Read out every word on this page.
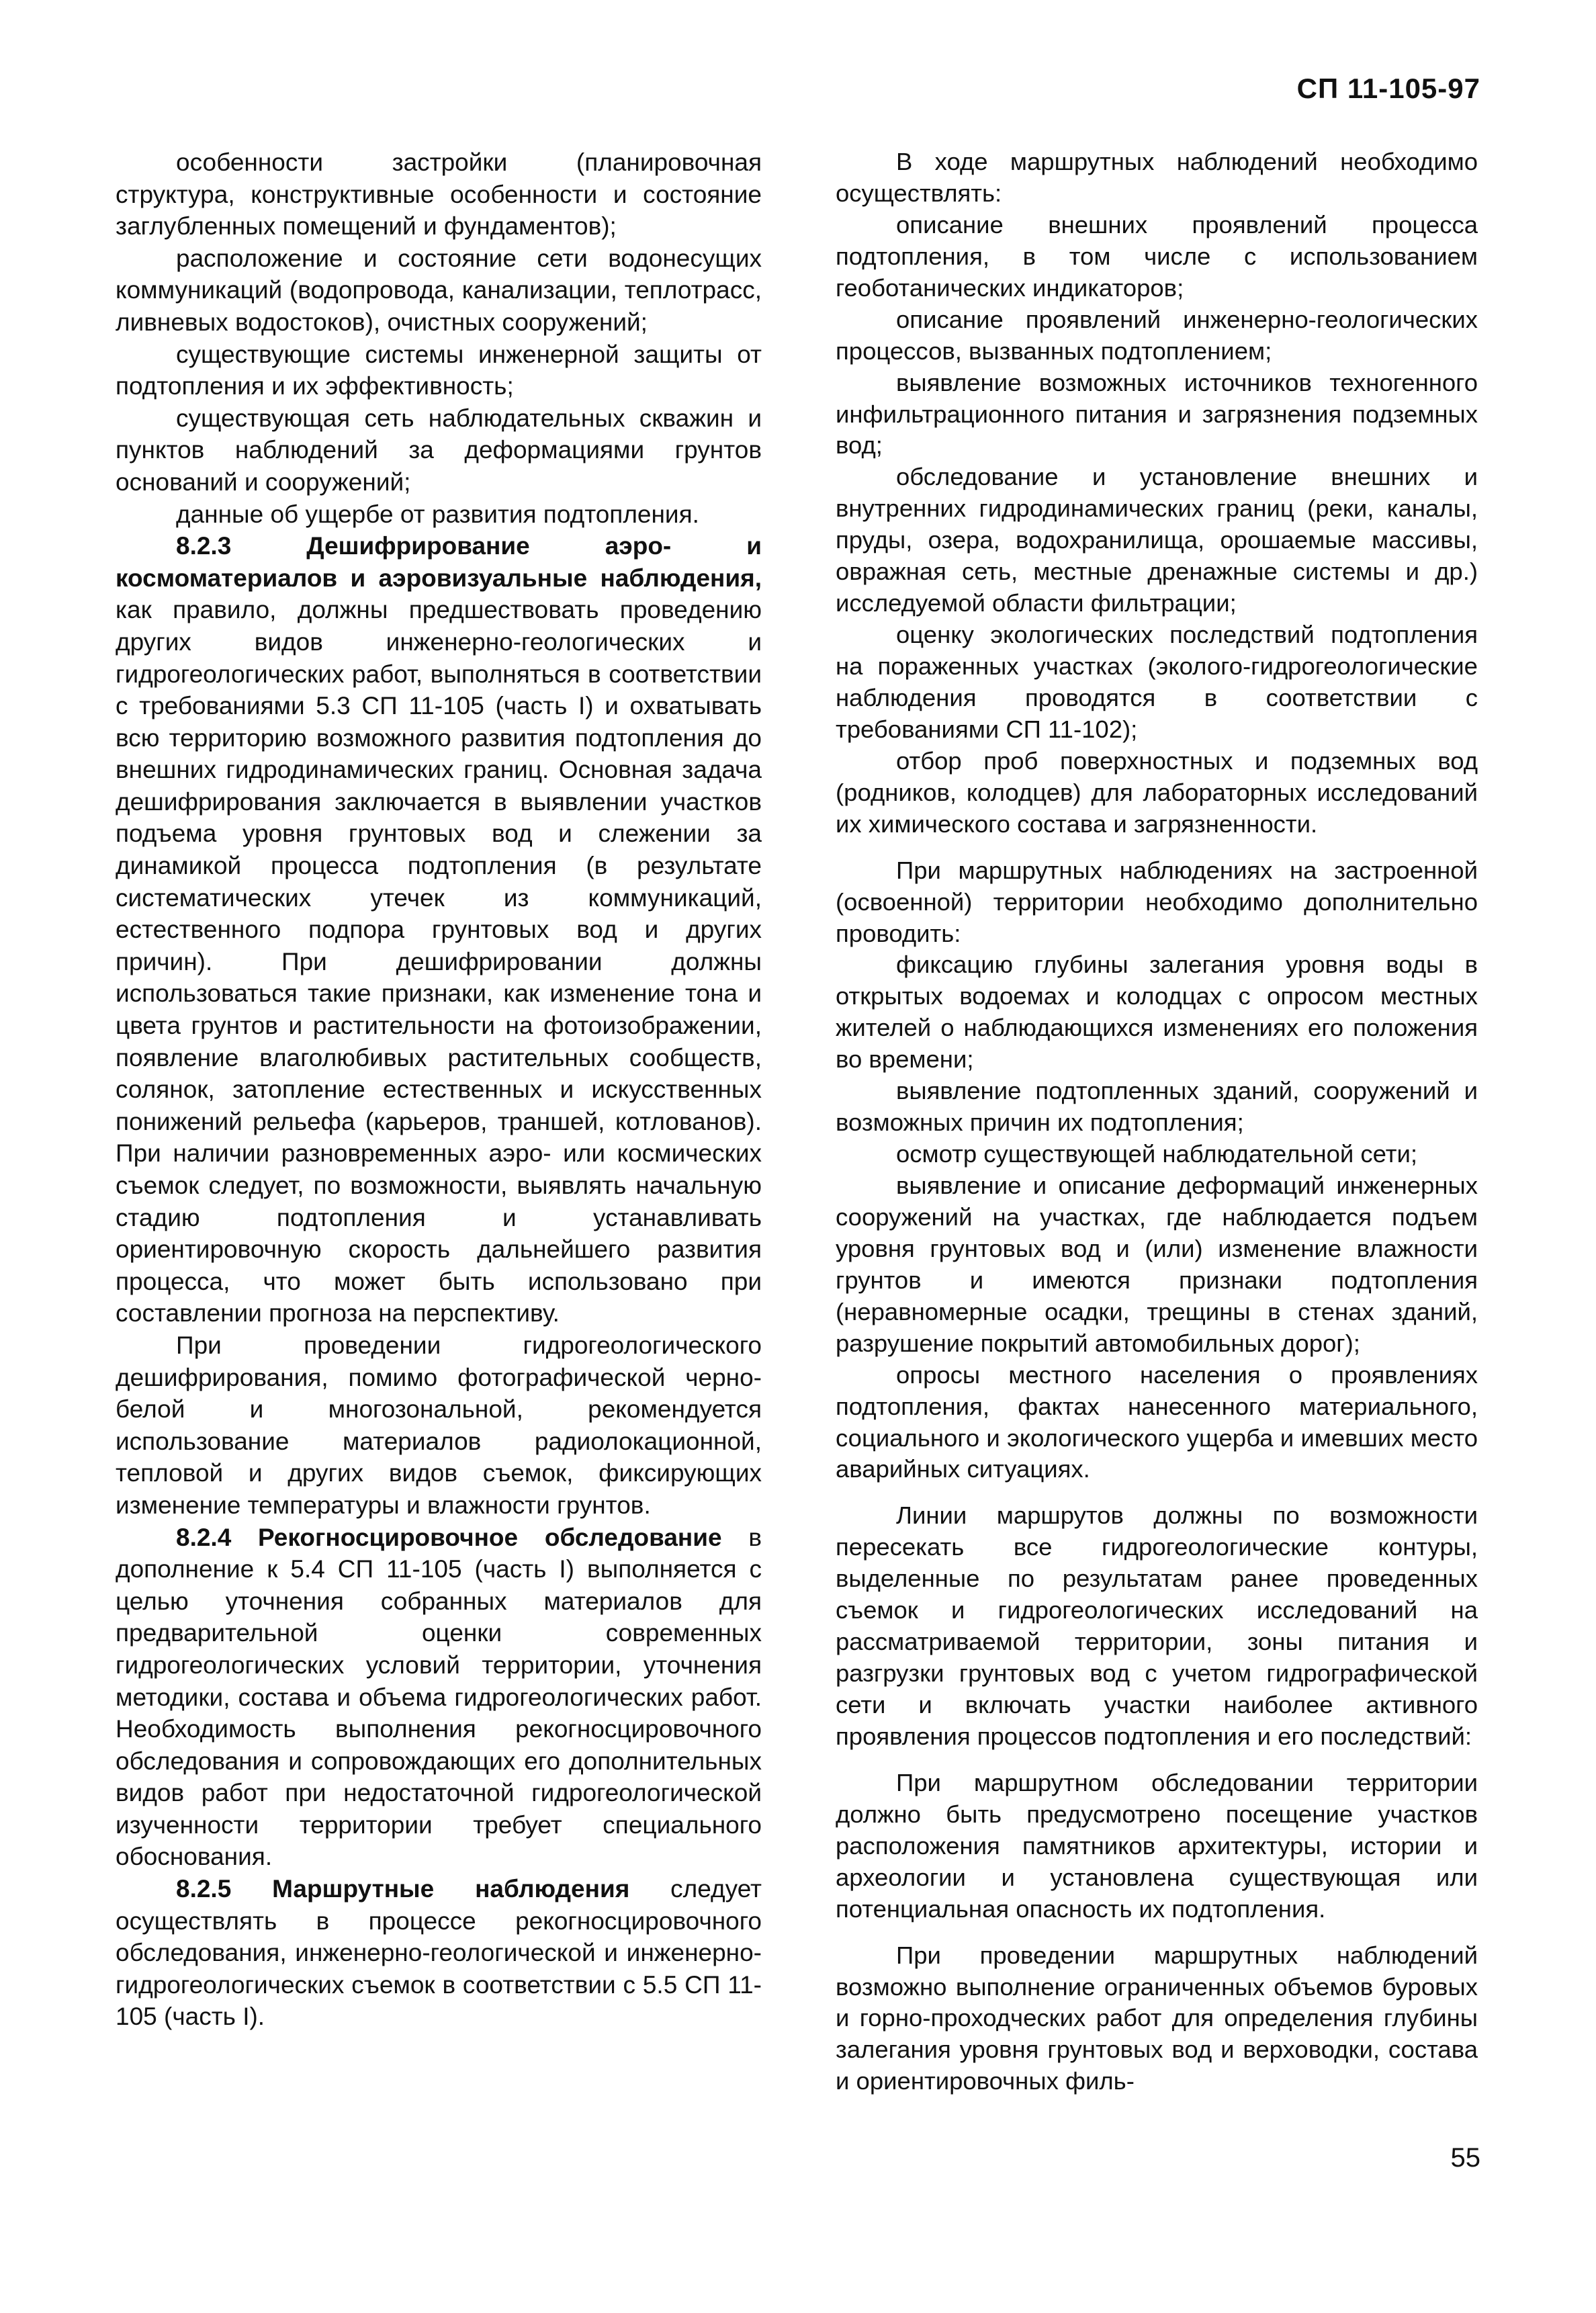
СП 11-105-97

особенности застройки (планировочная структура, конструктивные особенности и состояние заглубленных помещений и фундаментов);

расположение и состояние сети водонесущих коммуникаций (водопровода, канализации, теплотрасс, ливневых водостоков), очистных сооружений;

существующие системы инженерной защиты от подтопления и их эффективность;

существующая сеть наблюдательных скважин и пунктов наблюдений за деформациями грунтов оснований и сооружений;

данные об ущербе от развития подтопления.

8.2.3 Дешифрирование аэро- и космоматериалов и аэровизуальные наблюдения, как правило, должны предшествовать проведению других видов инженерно-геологических и гидрогеологических работ, выполняться в соответствии с требованиями 5.3 СП 11-105 (часть I) и охватывать всю территорию возможного развития подтопления до внешних гидродинамических границ. Основная задача дешифрирования заключается в выявлении участков подъема уровня грунтовых вод и слежении за динамикой процесса подтопления (в результате систематических утечек из коммуникаций, естественного подпора грунтовых вод и других причин). При дешифрировании должны использоваться такие признаки, как изменение тона и цвета грунтов и растительности на фотоизображении, появление влаголюбивых растительных сообществ, солянок, затопление естественных и искусственных понижений рельефа (карьеров, траншей, котлованов). При наличии разновременных аэро- или космических съемок следует, по возможности, выявлять начальную стадию подтопления и устанавливать ориентировочную скорость дальнейшего развития процесса, что может быть использовано при составлении прогноза на перспективу.

При проведении гидрогеологического дешифрирования, помимо фотографической черно-белой и многозональной, рекомендуется использование материалов радиолокационной, тепловой и других видов съемок, фиксирующих изменение температуры и влажности грунтов.

8.2.4 Рекогносцировочное обследование в дополнение к 5.4 СП 11-105 (часть I) выполняется с целью уточнения собранных материалов для предварительной оценки современных гидрогеологических условий территории, уточнения методики, состава и объема гидрогеологических работ. Необходимость выполнения рекогносцировочного обследования и сопровождающих его дополнительных видов работ при недостаточной гидрогеологической изученности территории требует специального обоснования.

8.2.5 Маршрутные наблюдения следует осуществлять в процессе рекогносцировочного обследования, инженерно-геологической и инженерно-гидрогеологических съемок в соответствии с 5.5 СП 11-105 (часть I).

В ходе маршрутных наблюдений необходимо осуществлять:

описание внешних проявлений процесса подтопления, в том числе с использованием геоботанических индикаторов;

описание проявлений инженерно-геологических процессов, вызванных подтоплением;

выявление возможных источников техногенного инфильтрационного питания и загрязнения подземных вод;

обследование и установление внешних и внутренних гидродинамических границ (реки, каналы, пруды, озера, водохранилища, орошаемые массивы, овражная сеть, местные дренажные системы и др.) исследуемой области фильтрации;

оценку экологических последствий подтопления на пораженных участках (эколого-гидрогеологические наблюдения проводятся в соответствии с требованиями СП 11-102);

отбор проб поверхностных и подземных вод (родников, колодцев) для лабораторных исследований их химического состава и загрязненности.

При маршрутных наблюдениях на застроенной (освоенной) территории необходимо дополнительно проводить:

фиксацию глубины залегания уровня воды в открытых водоемах и колодцах с опросом местных жителей о наблюдающихся изменениях его положения во времени;

выявление подтопленных зданий, сооружений и возможных причин их подтопления;

осмотр существующей наблюдательной сети;

выявление и описание деформаций инженерных сооружений на участках, где наблюдается подъем уровня грунтовых вод и (или) изменение влажности грунтов и имеются признаки подтопления (неравномерные осадки, трещины в стенах зданий, разрушение покрытий автомобильных дорог);

опросы местного населения о проявлениях подтопления, фактах нанесенного материального, социального и экологического ущерба и имевших место аварийных ситуациях.

Линии маршрутов должны по возможности пересекать все гидрогеологические контуры, выделенные по результатам ранее проведенных съемок и гидрогеологических исследований на рассматриваемой территории, зоны питания и разгрузки грунтовых вод с учетом гидрографической сети и включать участки наиболее активного проявления процессов подтопления и его последствий:

При маршрутном обследовании территории должно быть предусмотрено посещение участков расположения памятников архитектуры, истории и археологии и установлена существующая или потенциальная опасность их подтопления.

При проведении маршрутных наблюдений возможно выполнение ограниченных объемов буровых и горно-проходческих работ для определения глубины залегания уровня грунтовых вод и верховодки, состава и ориентировочных филь-

55
